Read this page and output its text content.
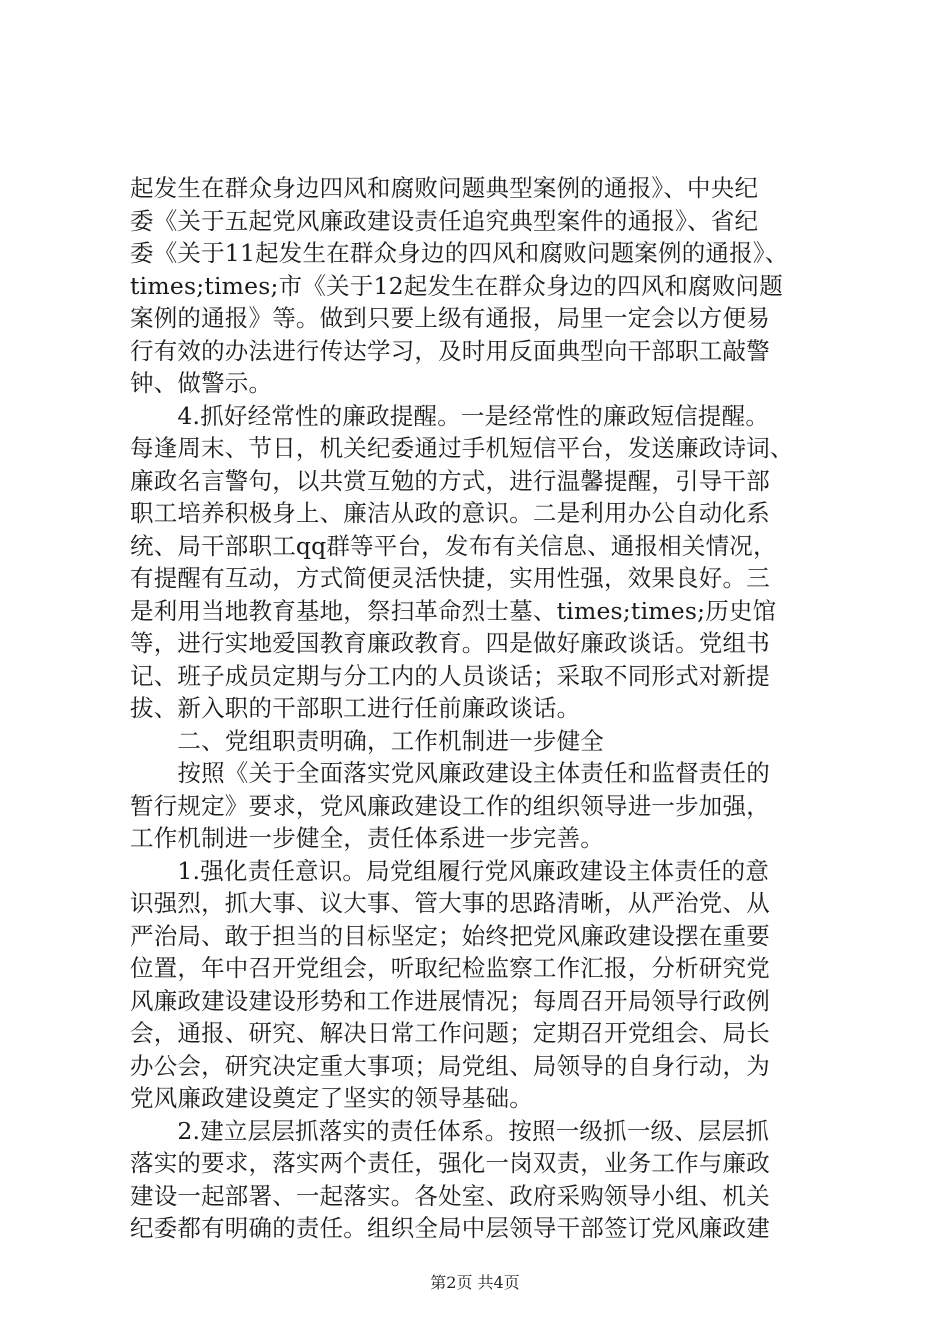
起发生在群众身边四风和腐败问题典型案例的通报》、中央纪
委《关于五起党风廉政建设责任追究典型案件的通报》、省纪
委《关于11起发生在群众身边的四风和腐败问题案例的通报》、
times;times;市《关于12起发生在群众身边的四风和腐败问题
案例的通报》等。做到只要上级有通报，局里一定会以方便易
行有效的办法进行传达学习，及时用反面典型向干部职工敲警
钟、做警示。
　　4.抓好经常性的廉政提醒。一是经常性的廉政短信提醒。
每逢周末、节日，机关纪委通过手机短信平台，发送廉政诗词、
廉政名言警句，以共赏互勉的方式，进行温馨提醒，引导干部
职工培养积极身上、廉洁从政的意识。二是利用办公自动化系
统、局干部职工qq群等平台，发布有关信息、通报相关情况，
有提醒有互动，方式简便灵活快捷，实用性强，效果良好。三
是利用当地教育基地，祭扫革命烈士墓、times;times;历史馆
等，进行实地爱国教育廉政教育。四是做好廉政谈话。党组书
记、班子成员定期与分工内的人员谈话；采取不同形式对新提
拔、新入职的干部职工进行任前廉政谈话。
　　二、党组职责明确，工作机制进一步健全
　　按照《关于全面落实党风廉政建设主体责任和监督责任的
暂行规定》要求，党风廉政建设工作的组织领导进一步加强，
工作机制进一步健全，责任体系进一步完善。
　　1.强化责任意识。局党组履行党风廉政建设主体责任的意
识强烈，抓大事、议大事、管大事的思路清晰，从严治党、从
严治局、敢于担当的目标坚定；始终把党风廉政建设摆在重要
位置，年中召开党组会，听取纪检监察工作汇报，分析研究党
风廉政建设建设形势和工作进展情况；每周召开局领导行政例
会，通报、研究、解决日常工作问题；定期召开党组会、局长
办公会，研究决定重大事项；局党组、局领导的自身行动，为
党风廉政建设奠定了坚实的领导基础。
　　2.建立层层抓落实的责任体系。按照一级抓一级、层层抓
落实的要求，落实两个责任，强化一岗双责，业务工作与廉政
建设一起部署、一起落实。各处室、政府采购领导小组、机关
纪委都有明确的责任。组织全局中层领导干部签订党风廉政建
第2页 共4页
